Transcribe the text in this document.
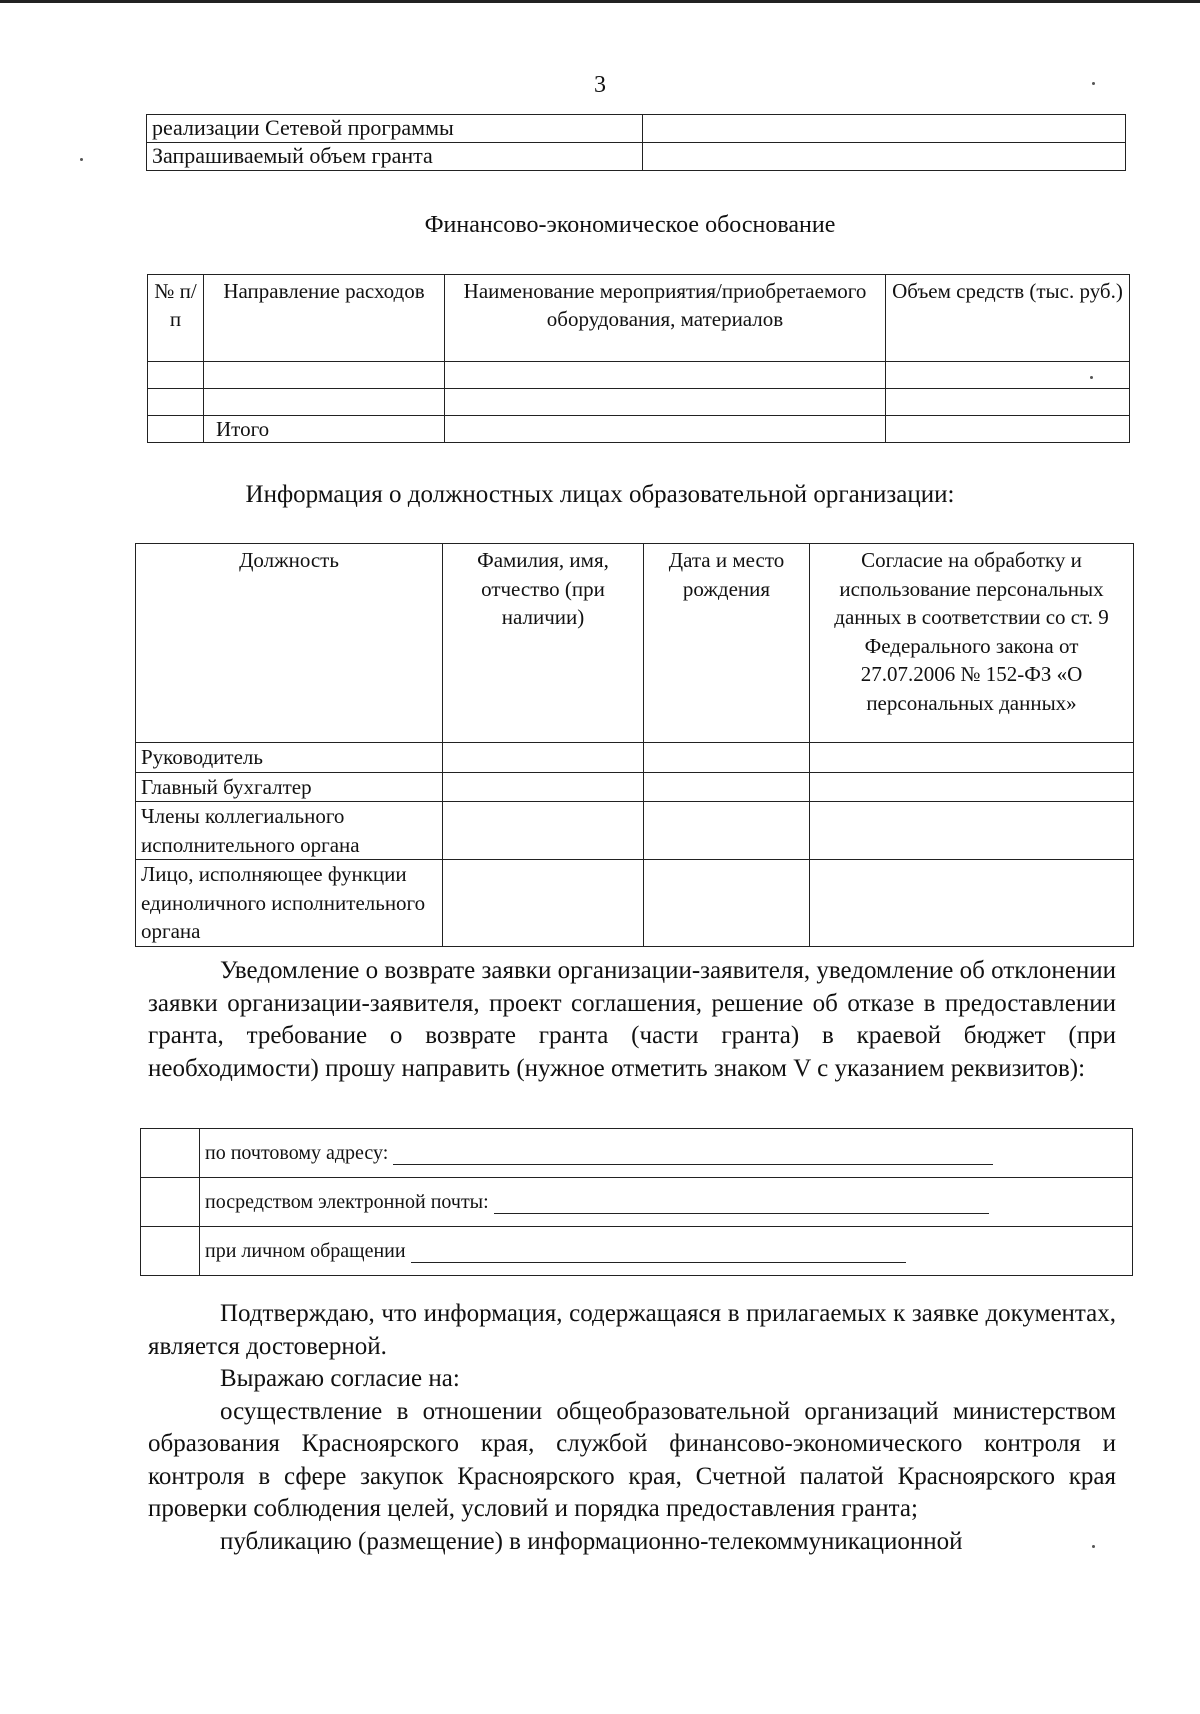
3
реализации Сетевой программы	
Запрашиваемый объем гранта	
Финансово-экономическое обоснование
№ п/п	Направление расходов	Наименование мероприятия/приобретаемого оборудования, материалов	Объем средств (тыс. руб.)

	Итого		
Информация о должностных лицах образовательной организации:
Должность	Фамилия, имя, отчество (при наличии)	Дата и место рождения	Согласие на обработку и использование персональных данных в соответствии со ст. 9 Федерального закона от 27.07.2006 № 152-ФЗ «О персональных данных»
Руководитель			
Главный бухгалтер			
Члены коллегиального исполнительного органа			
Лицо, исполняющее функции единоличного исполнительного органа			

Уведомление о возврате заявки организации-заявителя, уведомление об отклонении заявки организации-заявителя, проект соглашения, решение об отказе в предоставлении гранта, требование о возврате гранта (части гранта) в краевой бюджет (при необходимости) прошу направить (нужное отметить знаком V с указанием реквизитов):

	по почтовому адресу:
	посредством электронной почты:
	при личном обращении

Подтверждаю, что информация, содержащаяся в прилагаемых к заявке документах, является достоверной.

Выражаю согласие на:

осуществление в отношении общеобразовательной организаций министерством образования Красноярского края, службой финансово-экономического контроля и контроля в сфере закупок Красноярского края, Счетной палатой Красноярского края проверки соблюдения целей, условий и порядка предоставления гранта;

публикацию (размещение) в информационно-телекоммуникационной
